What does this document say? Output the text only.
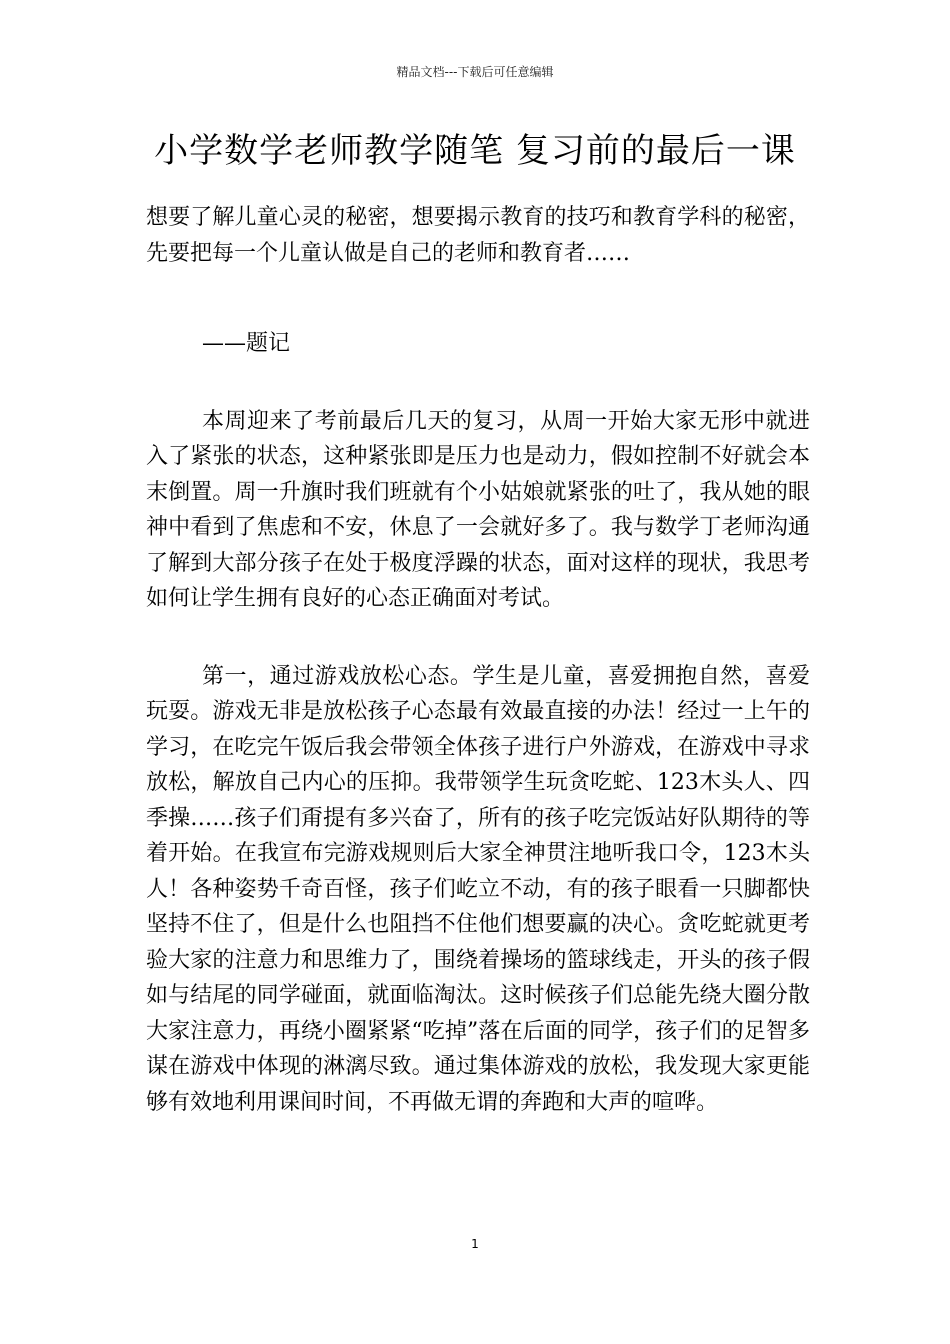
精品文档---下载后可任意编辑
小学数学老师教学随笔 复习前的最后一课

想要了解儿童心灵的秘密，想要揭示教育的技巧和教育学科的秘密，先要把每一个儿童认做是自己的老师和教育者……

——题记

本周迎来了考前最后几天的复习，从周一开始大家无形中就进入了紧张的状态，这种紧张即是压力也是动力，假如控制不好就会本末倒置。周一升旗时我们班就有个小姑娘就紧张的吐了，我从她的眼神中看到了焦虑和不安，休息了一会就好多了。我与数学丁老师沟通了解到大部分孩子在处于极度浮躁的状态，面对这样的现状，我思考如何让学生拥有良好的心态正确面对考试。

第一，通过游戏放松心态。学生是儿童，喜爱拥抱自然，喜爱玩耍。游戏无非是放松孩子心态最有效最直接的办法！经过一上午的学习，在吃完午饭后我会带领全体孩子进行户外游戏，在游戏中寻求放松，解放自己内心的压抑。我带领学生玩贪吃蛇、123木头人、四季操……孩子们甭提有多兴奋了，所有的孩子吃完饭站好队期待的等着开始。在我宣布完游戏规则后大家全神贯注地听我口令，123木头人！各种姿势千奇百怪，孩子们屹立不动，有的孩子眼看一只脚都快坚持不住了，但是什么也阻挡不住他们想要赢的决心。贪吃蛇就更考验大家的注意力和思维力了，围绕着操场的篮球线走，开头的孩子假如与结尾的同学碰面，就面临淘汰。这时候孩子们总能先绕大圈分散大家注意力，再绕小圈紧紧“吃掉”落在后面的同学，孩子们的足智多谋在游戏中体现的淋漓尽致。通过集体游戏的放松，我发现大家更能够有效地利用课间时间，不再做无谓的奔跑和大声的喧哗。

1
